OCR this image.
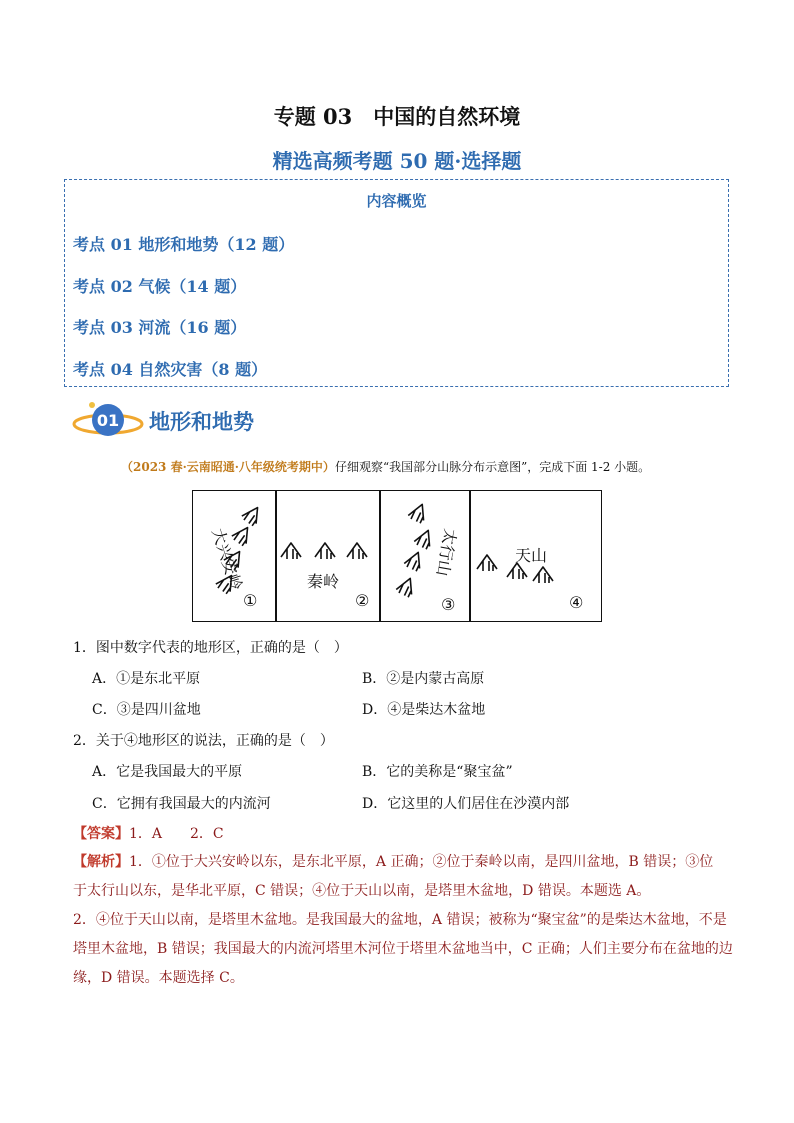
专题 03　中国的自然环境
精选高频考题 50 题·选择题
内容概览
考点 01 地形和地势（12 题）
考点 02 气候（14 题）
考点 03 河流（16 题）
考点 04 自然灾害（8 题）
01 地形和地势
（2023 春·云南昭通·八年级统考期中）仔细观察“我国部分山脉分布示意图”，完成下面 1-2 小题。
大兴安岭
①
秦岭
②
太行山
③
天山
④
1．图中数字代表的地形区，正确的是（　）
A．①是东北平原	B．②是内蒙古高原
C．③是四川盆地	D．④是柴达木盆地
2．关于④地形区的说法，正确的是（　）
A．它是我国最大的平原	B．它的美称是“聚宝盆”
C．它拥有我国最大的内流河	D．它这里的人们居住在沙漠内部
【答案】1．A　　2．C
【解析】1．①位于大兴安岭以东，是东北平原，A 正确；②位于秦岭以南，是四川盆地，B 错误；③位
于太行山以东，是华北平原，C 错误；④位于天山以南，是塔里木盆地，D 错误。本题选 A。
2．④位于天山以南，是塔里木盆地。是我国最大的盆地，A 错误；被称为“聚宝盆”的是柴达木盆地，不是
塔里木盆地，B 错误；我国最大的内流河塔里木河位于塔里木盆地当中，C 正确；人们主要分布在盆地的边
缘，D 错误。本题选择 C。
